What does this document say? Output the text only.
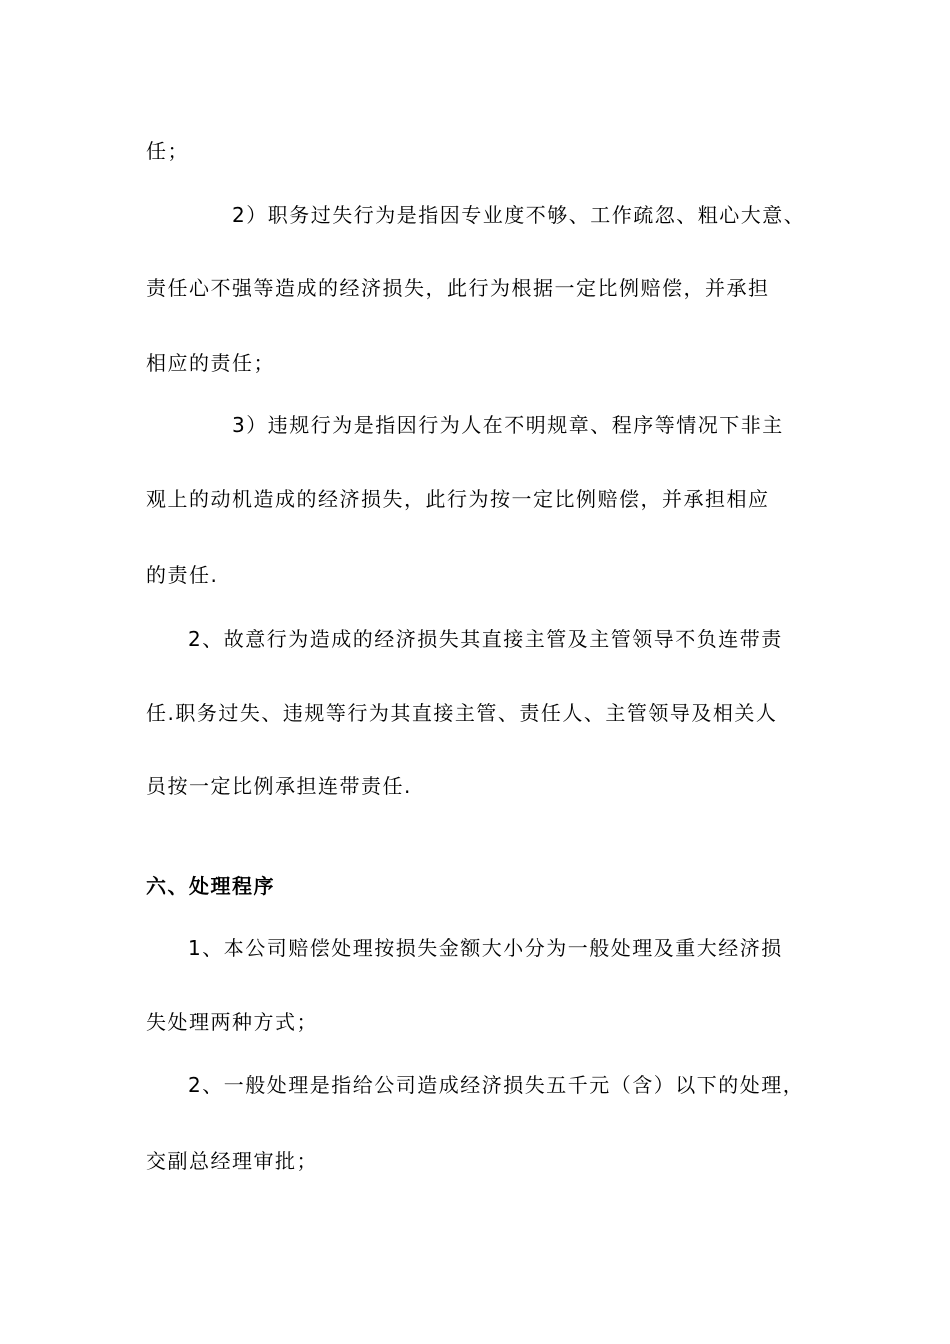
任；
2）职务过失行为是指因专业度不够、工作疏忽、粗心大意、
责任心不强等造成的经济损失，此行为根据一定比例赔偿，并承担
相应的责任；
3）违规行为是指因行为人在不明规章、程序等情况下非主
观上的动机造成的经济损失，此行为按一定比例赔偿，并承担相应
的责任.
2、故意行为造成的经济损失其直接主管及主管领导不负连带责
任.职务过失、违规等行为其直接主管、责任人、主管领导及相关人
员按一定比例承担连带责任.
六、处理程序
1、本公司赔偿处理按损失金额大小分为一般处理及重大经济损
失处理两种方式；
2、一般处理是指给公司造成经济损失五千元（含）以下的处理，
交副总经理审批；
